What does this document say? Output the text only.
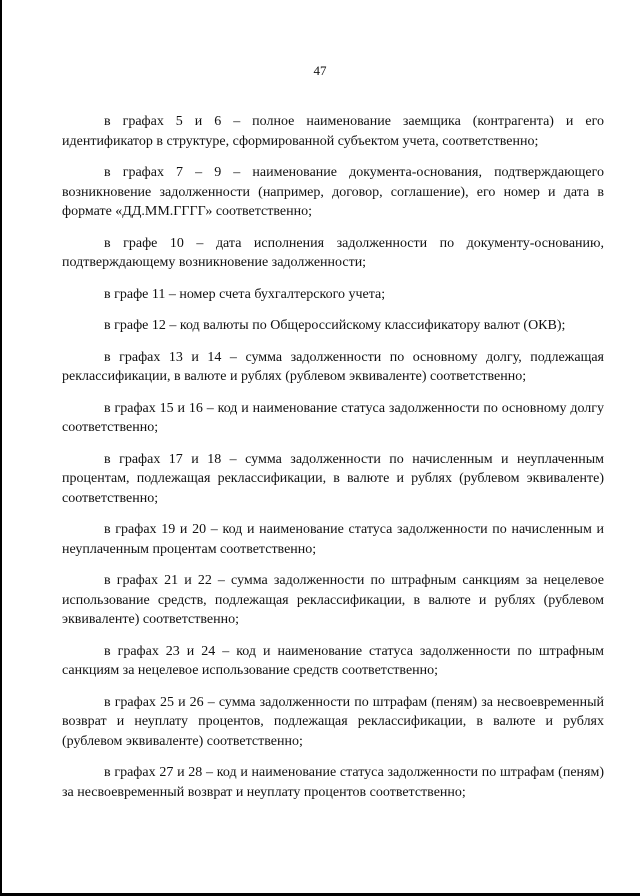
47

в графах 5 и 6 – полное наименование заемщика (контрагента) и его идентификатор в структуре, сформированной субъектом учета, соответственно;

в графах 7 – 9 – наименование документа-основания, подтверждающего возникновение задолженности (например, договор, соглашение), его номер и дата в формате «ДД.ММ.ГГГГ» соответственно;

в графе 10 – дата исполнения задолженности по документу-основанию, подтверждающему возникновение задолженности;

в графе 11 – номер счета бухгалтерского учета;

в графе 12 – код валюты по Общероссийскому классификатору валют (ОКВ);

в графах 13 и 14 – сумма задолженности по основному долгу, подлежащая реклассификации, в валюте и рублях (рублевом эквиваленте) соответственно;

в графах 15 и 16 – код и наименование статуса задолженности по основному долгу соответственно;

в графах 17 и 18 – сумма задолженности по начисленным и неуплаченным процентам, подлежащая реклассификации, в валюте и рублях (рублевом эквиваленте) соответственно;

в графах 19 и 20 – код и наименование статуса задолженности по начисленным и неуплаченным процентам соответственно;

в графах 21 и 22 – сумма задолженности по штрафным санкциям за нецелевое использование средств, подлежащая реклассификации, в валюте и рублях (рублевом эквиваленте) соответственно;

в графах 23 и 24 – код и наименование статуса задолженности по штрафным санкциям за нецелевое использование средств соответственно;

в графах 25 и 26 – сумма задолженности по штрафам (пеням) за несвоевременный возврат и неуплату процентов, подлежащая реклассификации, в валюте и рублях (рублевом эквиваленте) соответственно;

в графах 27 и 28 – код и наименование статуса задолженности по штрафам (пеням) за несвоевременный возврат и неуплату процентов соответственно;
